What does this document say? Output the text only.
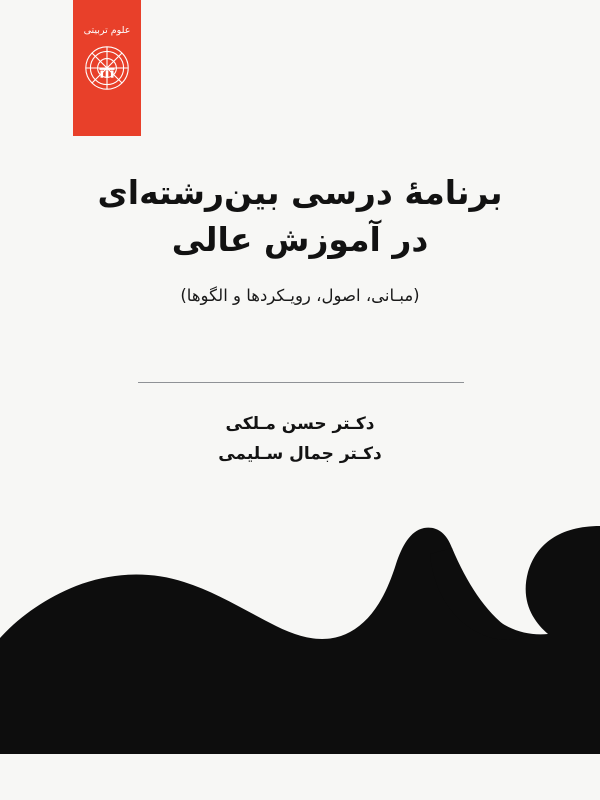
علوم تربیتی
برنامهٔ درسی بین‌رشته‌ای
در آموزش عالی
(مبـانی، اصول، رویـکردها و الگوها)
دکـتر حسن مـلکی
دکـتر جمال سـلیمی
